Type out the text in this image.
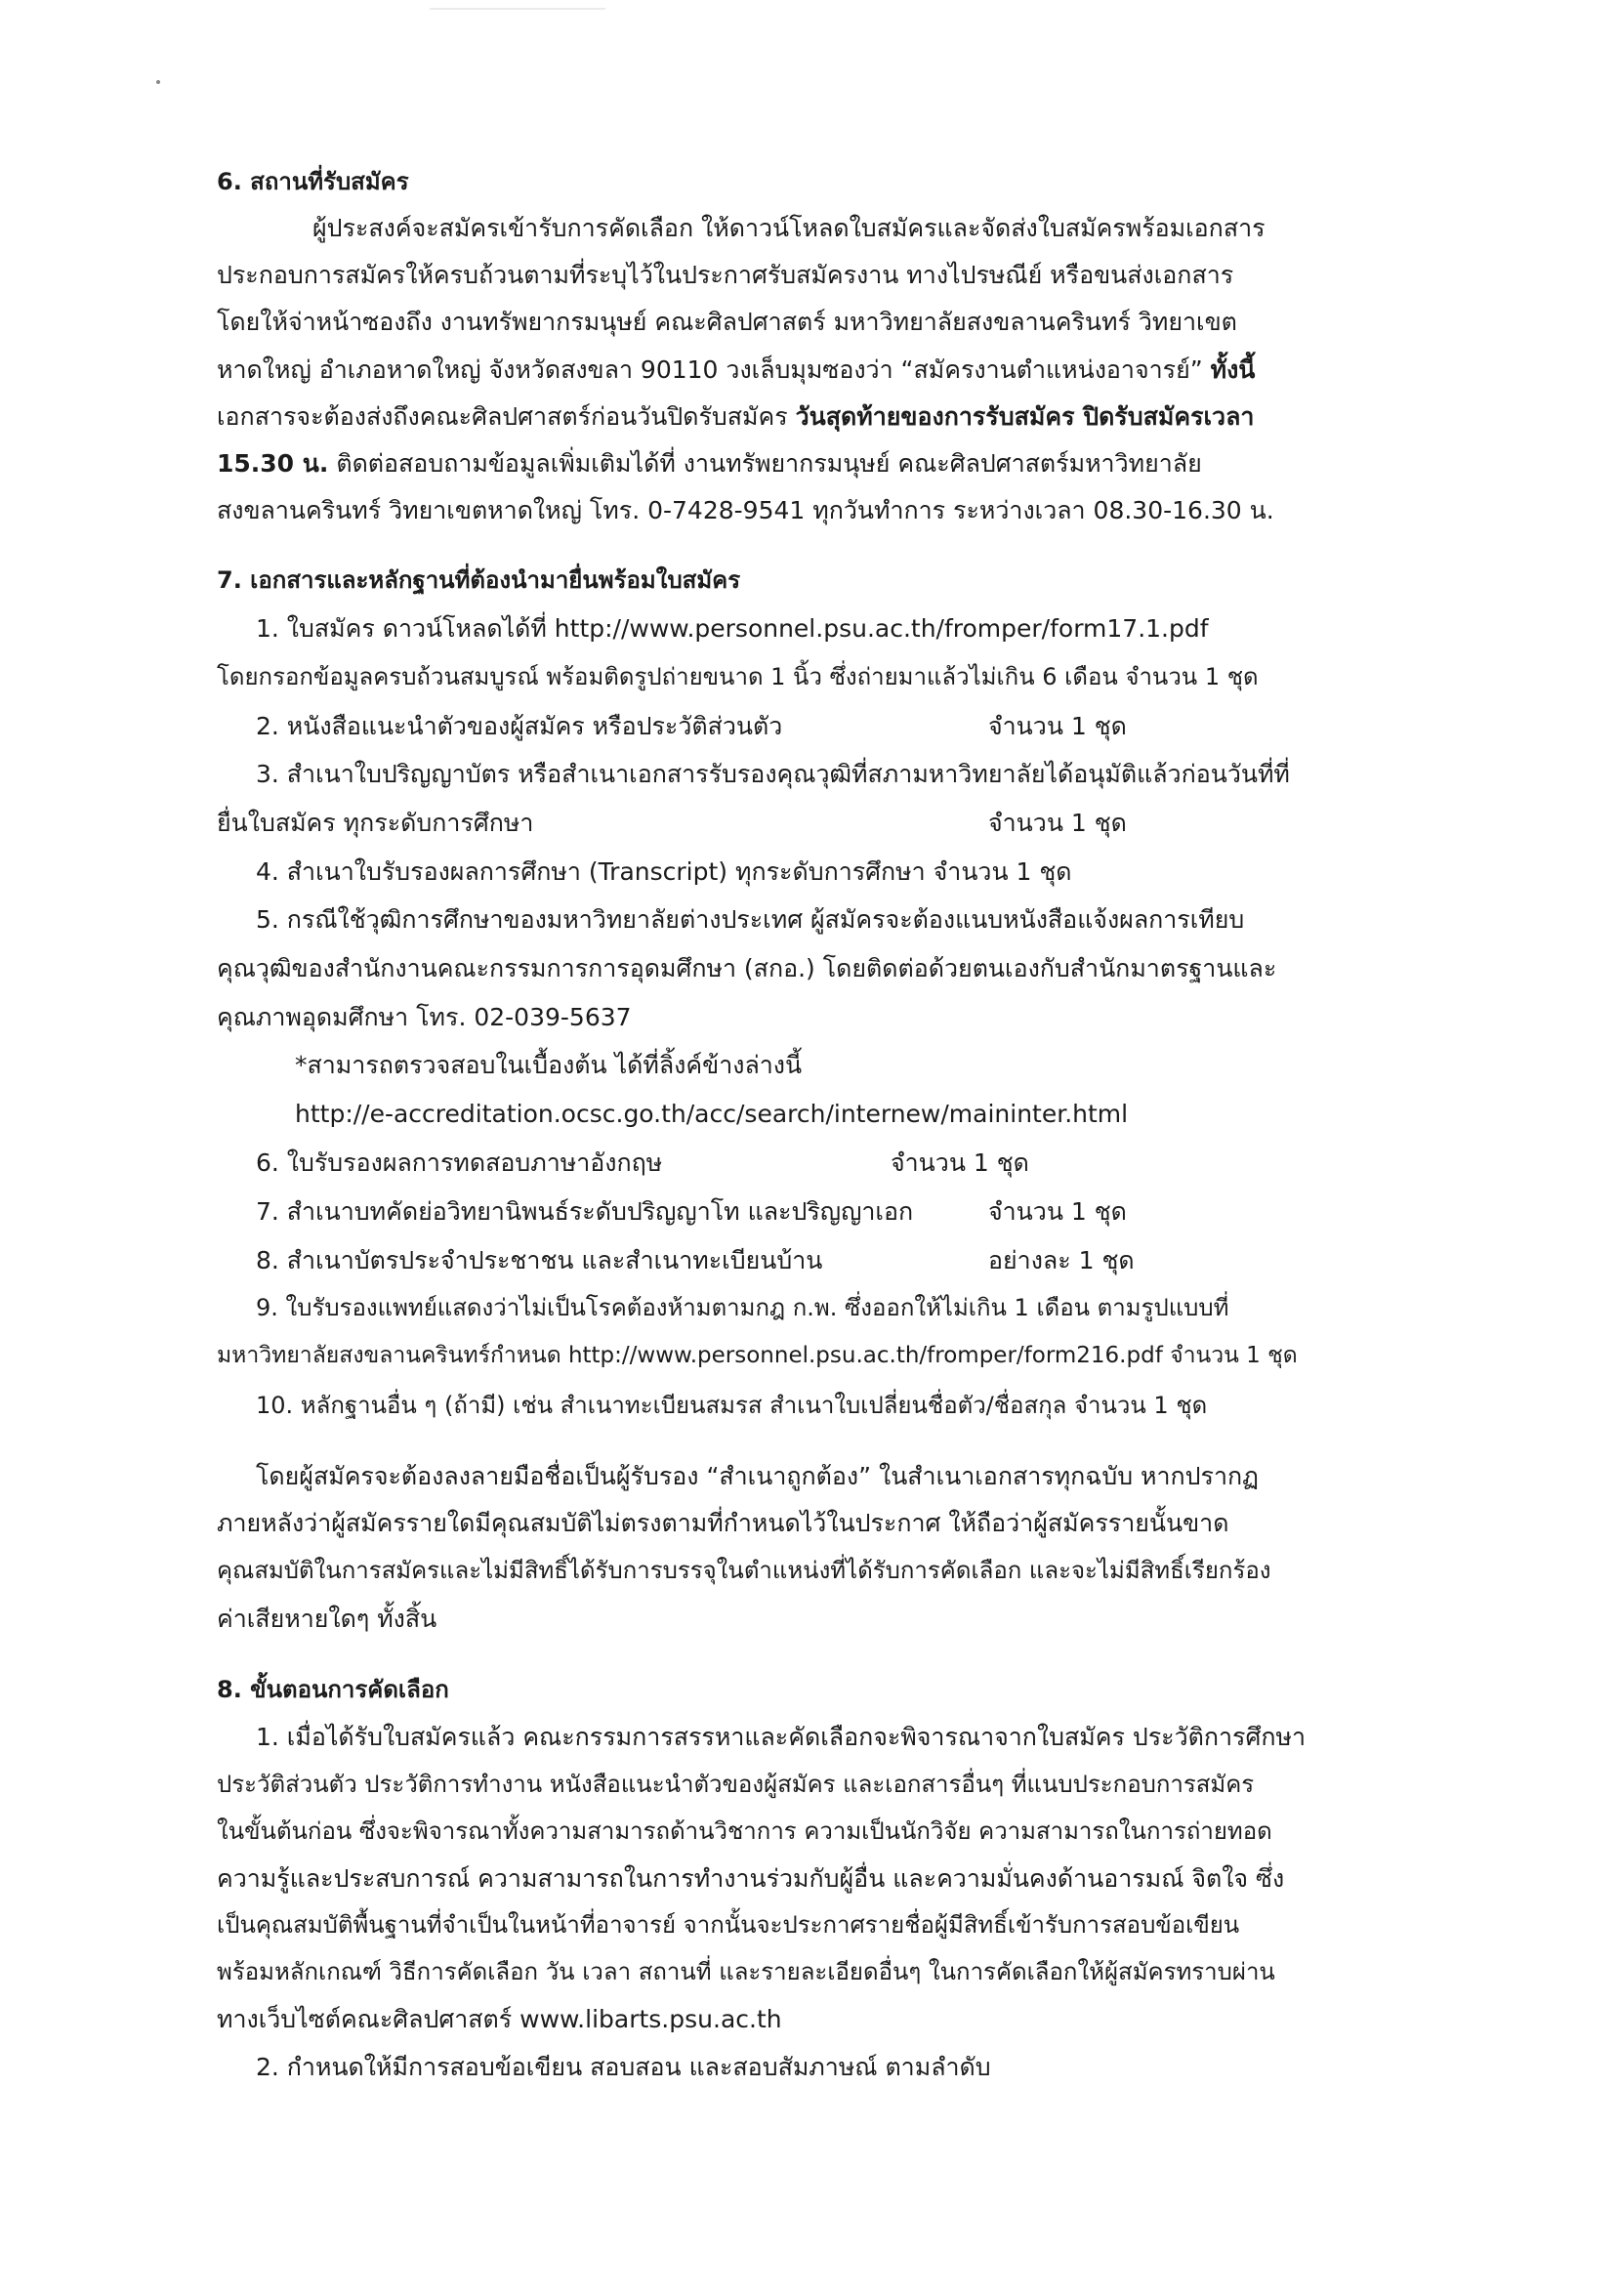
6. สถานที่รับสมัคร
ผู้ประสงค์จะสมัครเข้ารับการคัดเลือก ให้ดาวน์โหลดใบสมัครและจัดส่งใบสมัครพร้อมเอกสาร
ประกอบการสมัครให้ครบถ้วนตามที่ระบุไว้ในประกาศรับสมัครงาน ทางไปรษณีย์ หรือขนส่งเอกสาร
โดยให้จ่าหน้าซองถึง งานทรัพยากรมนุษย์ คณะศิลปศาสตร์ มหาวิทยาลัยสงขลานครินทร์ วิทยาเขต
หาดใหญ่ อำเภอหาดใหญ่ จังหวัดสงขลา 90110 วงเล็บมุมซองว่า “สมัครงานตำแหน่งอาจารย์” ทั้งนี้
เอกสารจะต้องส่งถึงคณะศิลปศาสตร์ก่อนวันปิดรับสมัคร วันสุดท้ายของการรับสมัคร ปิดรับสมัครเวลา
15.30 น. ติดต่อสอบถามข้อมูลเพิ่มเติมได้ที่ งานทรัพยากรมนุษย์ คณะศิลปศาสตร์มหาวิทยาลัย
สงขลานครินทร์ วิทยาเขตหาดใหญ่ โทร. 0-7428-9541 ทุกวันทำการ ระหว่างเวลา 08.30-16.30 น.
7. เอกสารและหลักฐานที่ต้องนำมายื่นพร้อมใบสมัคร
1. ใบสมัคร ดาวน์โหลดได้ที่ http://www.personnel.psu.ac.th/fromper/form17.1.pdf
โดยกรอกข้อมูลครบถ้วนสมบูรณ์ พร้อมติดรูปถ่ายขนาด 1 นิ้ว ซึ่งถ่ายมาแล้วไม่เกิน 6 เดือน จำนวน 1 ชุด
2. หนังสือแนะนำตัวของผู้สมัคร หรือประวัติส่วนตัว	จำนวน 1 ชุด
3. สำเนาใบปริญญาบัตร หรือสำเนาเอกสารรับรองคุณวุฒิที่สภามหาวิทยาลัยได้อนุมัติแล้วก่อนวันที่ที่
ยื่นใบสมัคร ทุกระดับการศึกษา	จำนวน 1 ชุด
4. สำเนาใบรับรองผลการศึกษา (Transcript) ทุกระดับการศึกษา จำนวน 1 ชุด
5. กรณีใช้วุฒิการศึกษาของมหาวิทยาลัยต่างประเทศ ผู้สมัครจะต้องแนบหนังสือแจ้งผลการเทียบ
คุณวุฒิของสำนักงานคณะกรรมการการอุดมศึกษา (สกอ.) โดยติดต่อด้วยตนเองกับสำนักมาตรฐานและ
คุณภาพอุดมศึกษา โทร. 02-039-5637
*สามารถตรวจสอบในเบื้องต้น ได้ที่ลิ้งค์ข้างล่างนี้
http://e-accreditation.ocsc.go.th/acc/search/internew/maininter.html
6. ใบรับรองผลการทดสอบภาษาอังกฤษ	จำนวน 1 ชุด
7. สำเนาบทคัดย่อวิทยานิพนธ์ระดับปริญญาโท และปริญญาเอก	จำนวน 1 ชุด
8. สำเนาบัตรประจำประชาชน และสำเนาทะเบียนบ้าน	อย่างละ 1 ชุด
9. ใบรับรองแพทย์แสดงว่าไม่เป็นโรคต้องห้ามตามกฎ ก.พ. ซึ่งออกให้ไม่เกิน 1 เดือน ตามรูปแบบที่
มหาวิทยาลัยสงขลานครินทร์กำหนด http://www.personnel.psu.ac.th/fromper/form216.pdf จำนวน 1 ชุด
10. หลักฐานอื่น ๆ (ถ้ามี) เช่น สำเนาทะเบียนสมรส สำเนาใบเปลี่ยนชื่อตัว/ชื่อสกุล จำนวน 1 ชุด
โดยผู้สมัครจะต้องลงลายมือชื่อเป็นผู้รับรอง “สำเนาถูกต้อง” ในสำเนาเอกสารทุกฉบับ หากปรากฏ
ภายหลังว่าผู้สมัครรายใดมีคุณสมบัติไม่ตรงตามที่กำหนดไว้ในประกาศ ให้ถือว่าผู้สมัครรายนั้นขาด
คุณสมบัติในการสมัครและไม่มีสิทธิ์ได้รับการบรรจุในตำแหน่งที่ได้รับการคัดเลือก และจะไม่มีสิทธิ์เรียกร้อง
ค่าเสียหายใดๆ ทั้งสิ้น
8. ขั้นตอนการคัดเลือก
1. เมื่อได้รับใบสมัครแล้ว คณะกรรมการสรรหาและคัดเลือกจะพิจารณาจากใบสมัคร ประวัติการศึกษา
ประวัติส่วนตัว ประวัติการทำงาน หนังสือแนะนำตัวของผู้สมัคร และเอกสารอื่นๆ ที่แนบประกอบการสมัคร
ในขั้นต้นก่อน ซึ่งจะพิจารณาทั้งความสามารถด้านวิชาการ ความเป็นนักวิจัย ความสามารถในการถ่ายทอด
ความรู้และประสบการณ์ ความสามารถในการทำงานร่วมกับผู้อื่น และความมั่นคงด้านอารมณ์ จิตใจ ซึ่ง
เป็นคุณสมบัติพื้นฐานที่จำเป็นในหน้าที่อาจารย์ จากนั้นจะประกาศรายชื่อผู้มีสิทธิ์เข้ารับการสอบข้อเขียน
พร้อมหลักเกณฑ์ วิธีการคัดเลือก วัน เวลา สถานที่ และรายละเอียดอื่นๆ ในการคัดเลือกให้ผู้สมัครทราบผ่าน
ทางเว็บไซต์คณะศิลปศาสตร์ www.libarts.psu.ac.th
2. กำหนดให้มีการสอบข้อเขียน สอบสอน และสอบสัมภาษณ์ ตามลำดับ
